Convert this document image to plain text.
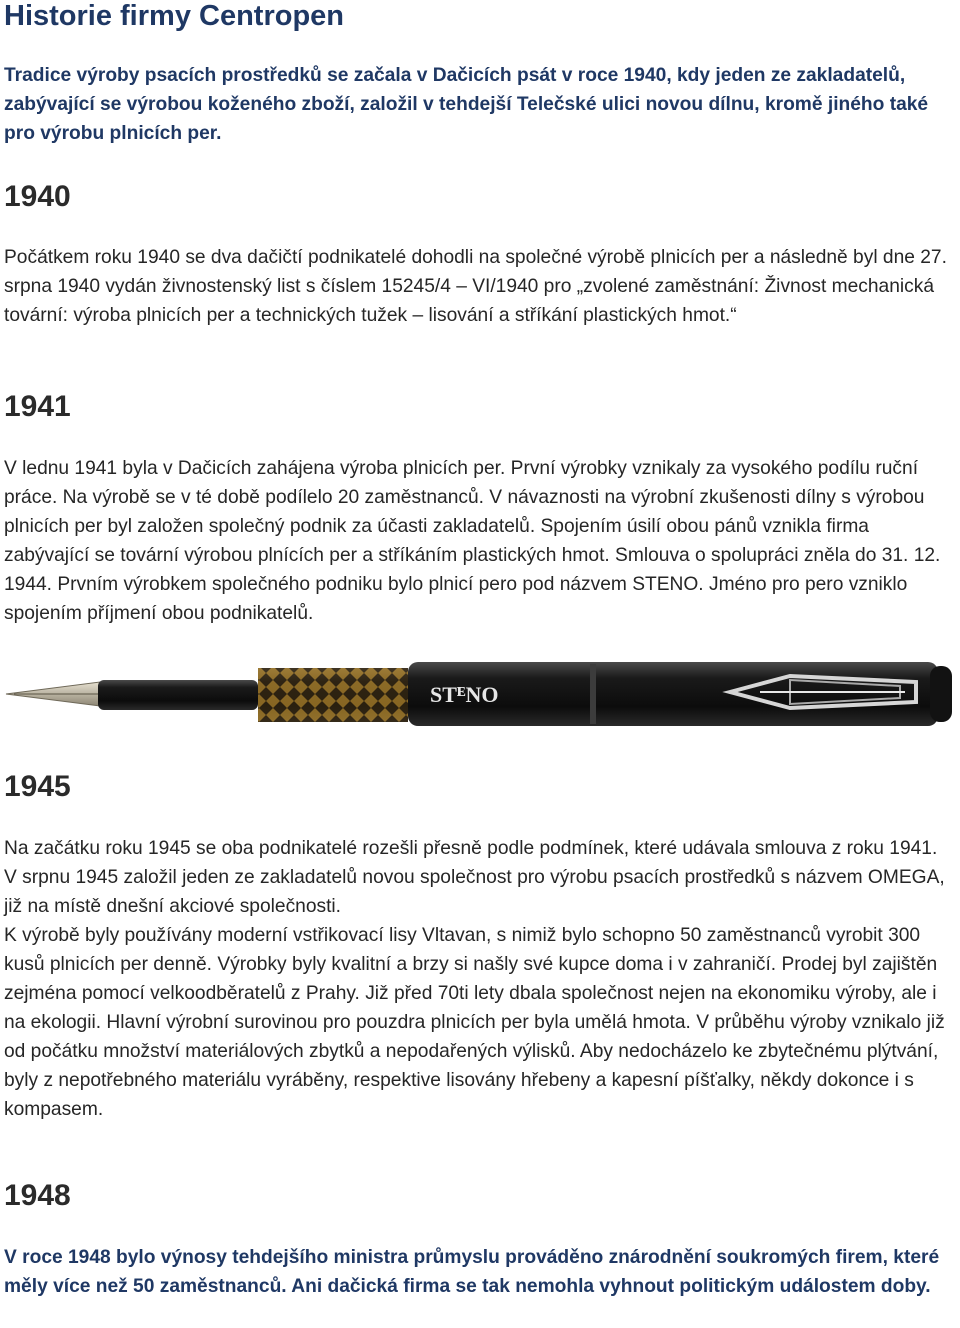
Historie firmy Centropen

Tradice výroby psacích prostředků se začala v Dačicích psát v roce 1940, kdy jeden ze zakladatelů, zabývající se výrobou koženého zboží, založil v tehdejší Telečské ulici novou dílnu, kromě jiného také pro výrobu plnicích per.

1940

Počátkem roku 1940 se dva dačičtí podnikatelé dohodli na společné výrobě plnicích per a následně byl dne 27. srpna 1940 vydán živnostenský list s číslem 15245/4 – VI/1940 pro „zvolené zaměstnání: Živnost mechanická tovární: výroba plnicích per a technických tužek – lisování a stříkání plastických hmot.“

1941

V lednu 1941 byla v Dačicích zahájena výroba plnicích per. První výrobky vznikaly za vysokého podílu ruční práce. Na výrobě se v té době podílelo 20 zaměstnanců. V návaznosti na výrobní zkušenosti dílny s výrobou plnicích per byl založen společný podnik za účasti zakladatelů. Spojením úsilí obou pánů vznikla firma zabývající se tovární výrobou plnících per a stříkáním plastických hmot. Smlouva o spolupráci zněla do 31. 12. 1944. Prvním výrobkem společného podniku bylo plnicí pero pod názvem STENO. Jméno pro pero vzniklo spojením příjmení obou podnikatelů.

STᴱNO
1945

Na začátku roku 1945 se oba podnikatelé rozešli přesně podle podmínek, které udávala smlouva z roku 1941. V srpnu 1945 založil jeden ze zakladatelů novou společnost pro výrobu psacích prostředků s názvem OMEGA, již na místě dnešní akciové společnosti.

K výrobě byly používány moderní vstřikovací lisy Vltavan, s nimiž bylo schopno 50 zaměstnanců vyrobit 300 kusů plnicích per denně. Výrobky byly kvalitní a brzy si našly své kupce doma i v zahraničí. Prodej byl zajištěn zejména pomocí velkoodběratelů z Prahy. Již před 70ti lety dbala společnost nejen na ekonomiku výroby, ale i na ekologii. Hlavní výrobní surovinou pro pouzdra plnicích per byla umělá hmota. V průběhu výroby vznikalo již od počátku množství materiálových zbytků a nepodařených výlisků. Aby nedocházelo ke zbytečnému plýtvání, byly z nepotřebného materiálu vyráběny, respektive lisovány hřebeny a kapesní píšťalky, někdy dokonce i s kompasem.

1948

V roce 1948 bylo výnosy tehdejšího ministra průmyslu prováděno znárodnění soukromých firem, které měly více než 50 zaměstnanců. Ani dačická firma se tak nemohla vyhnout politickým událostem doby.
